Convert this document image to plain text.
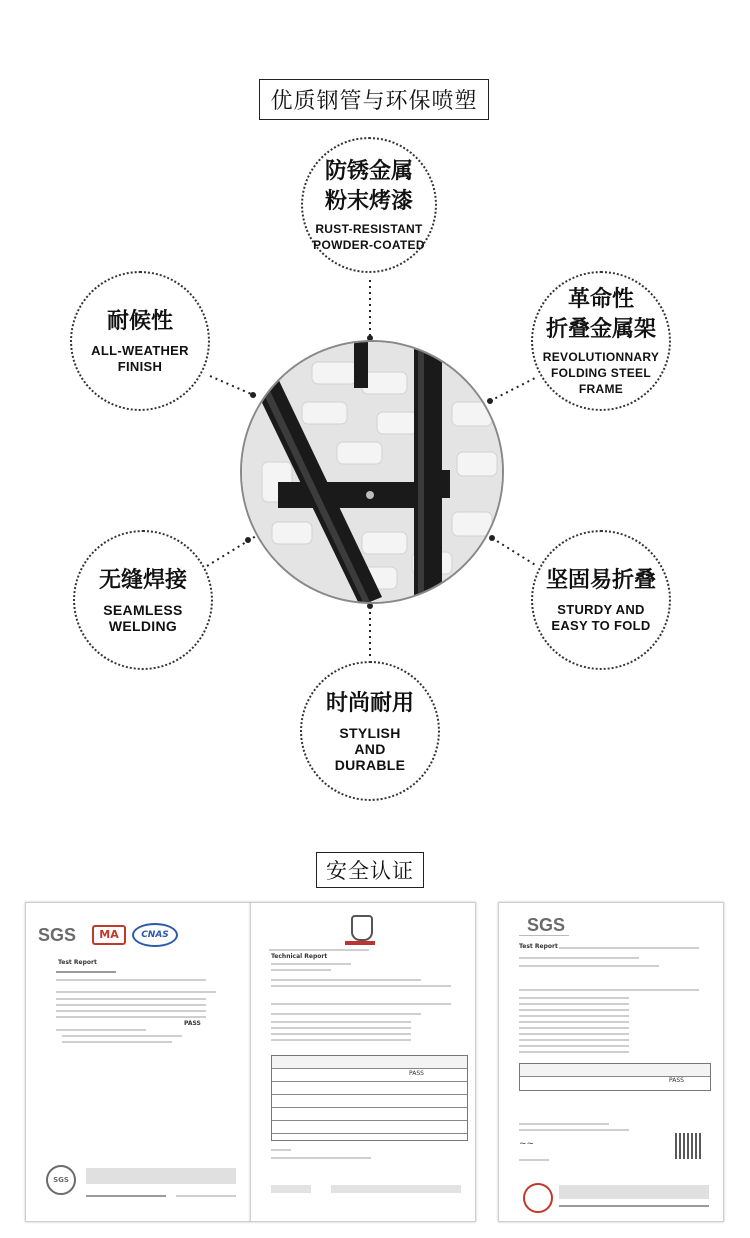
优质钢管与环保喷塑
防锈金属
粉末烤漆
RUST-RESISTANT
POWDER-COATED
耐候性
ALL-WEATHER
FINISH
革命性
折叠金属架
REVOLUTIONNARY
FOLDING STEEL
FRAME
无缝焊接
SEAMLESS
WELDING
坚固易折叠
STURDY AND
EASY TO FOLD
时尚耐用
STYLISH
AND
DURABLE
安全认证
SGS	MA	CNAS
Test Report
PASS
SGS
Technical Report
PASS
SGS
Test Report
PASS
~~
